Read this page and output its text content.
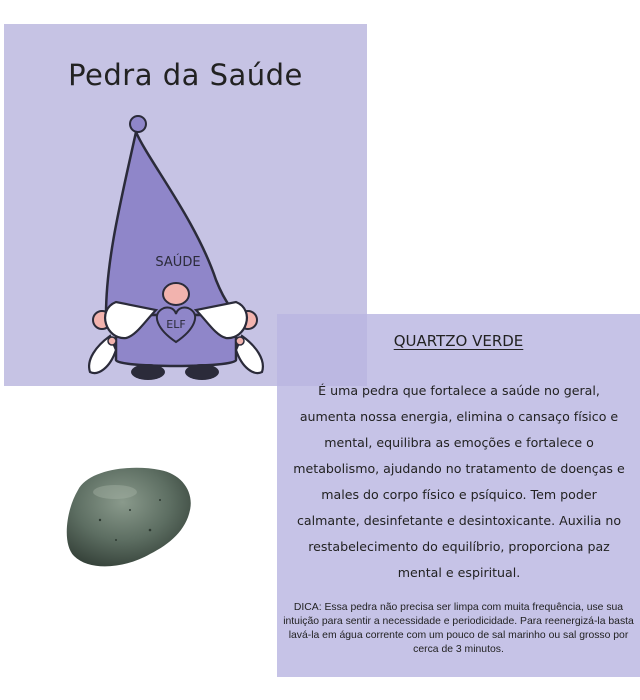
Pedra da Saúde
ELF
SAÚDE
QUARTZO VERDE
É uma pedra que fortalece a saúde no geral, aumenta nossa energia, elimina o cansaço físico e mental, equilibra as emoções e fortalece o metabolismo, ajudando no tratamento de doenças e males do corpo físico e psíquico. Tem poder calmante, desinfetante e desintoxicante. Auxilia no restabelecimento do equilíbrio, proporciona paz mental e espiritual.
DICA: Essa pedra não precisa ser limpa com muita frequência, use sua intuição para sentir a necessidade e periodicidade. Para reenergizá-la basta lavá-la em água corrente com um pouco de sal marinho ou sal grosso por cerca de 3 minutos.
